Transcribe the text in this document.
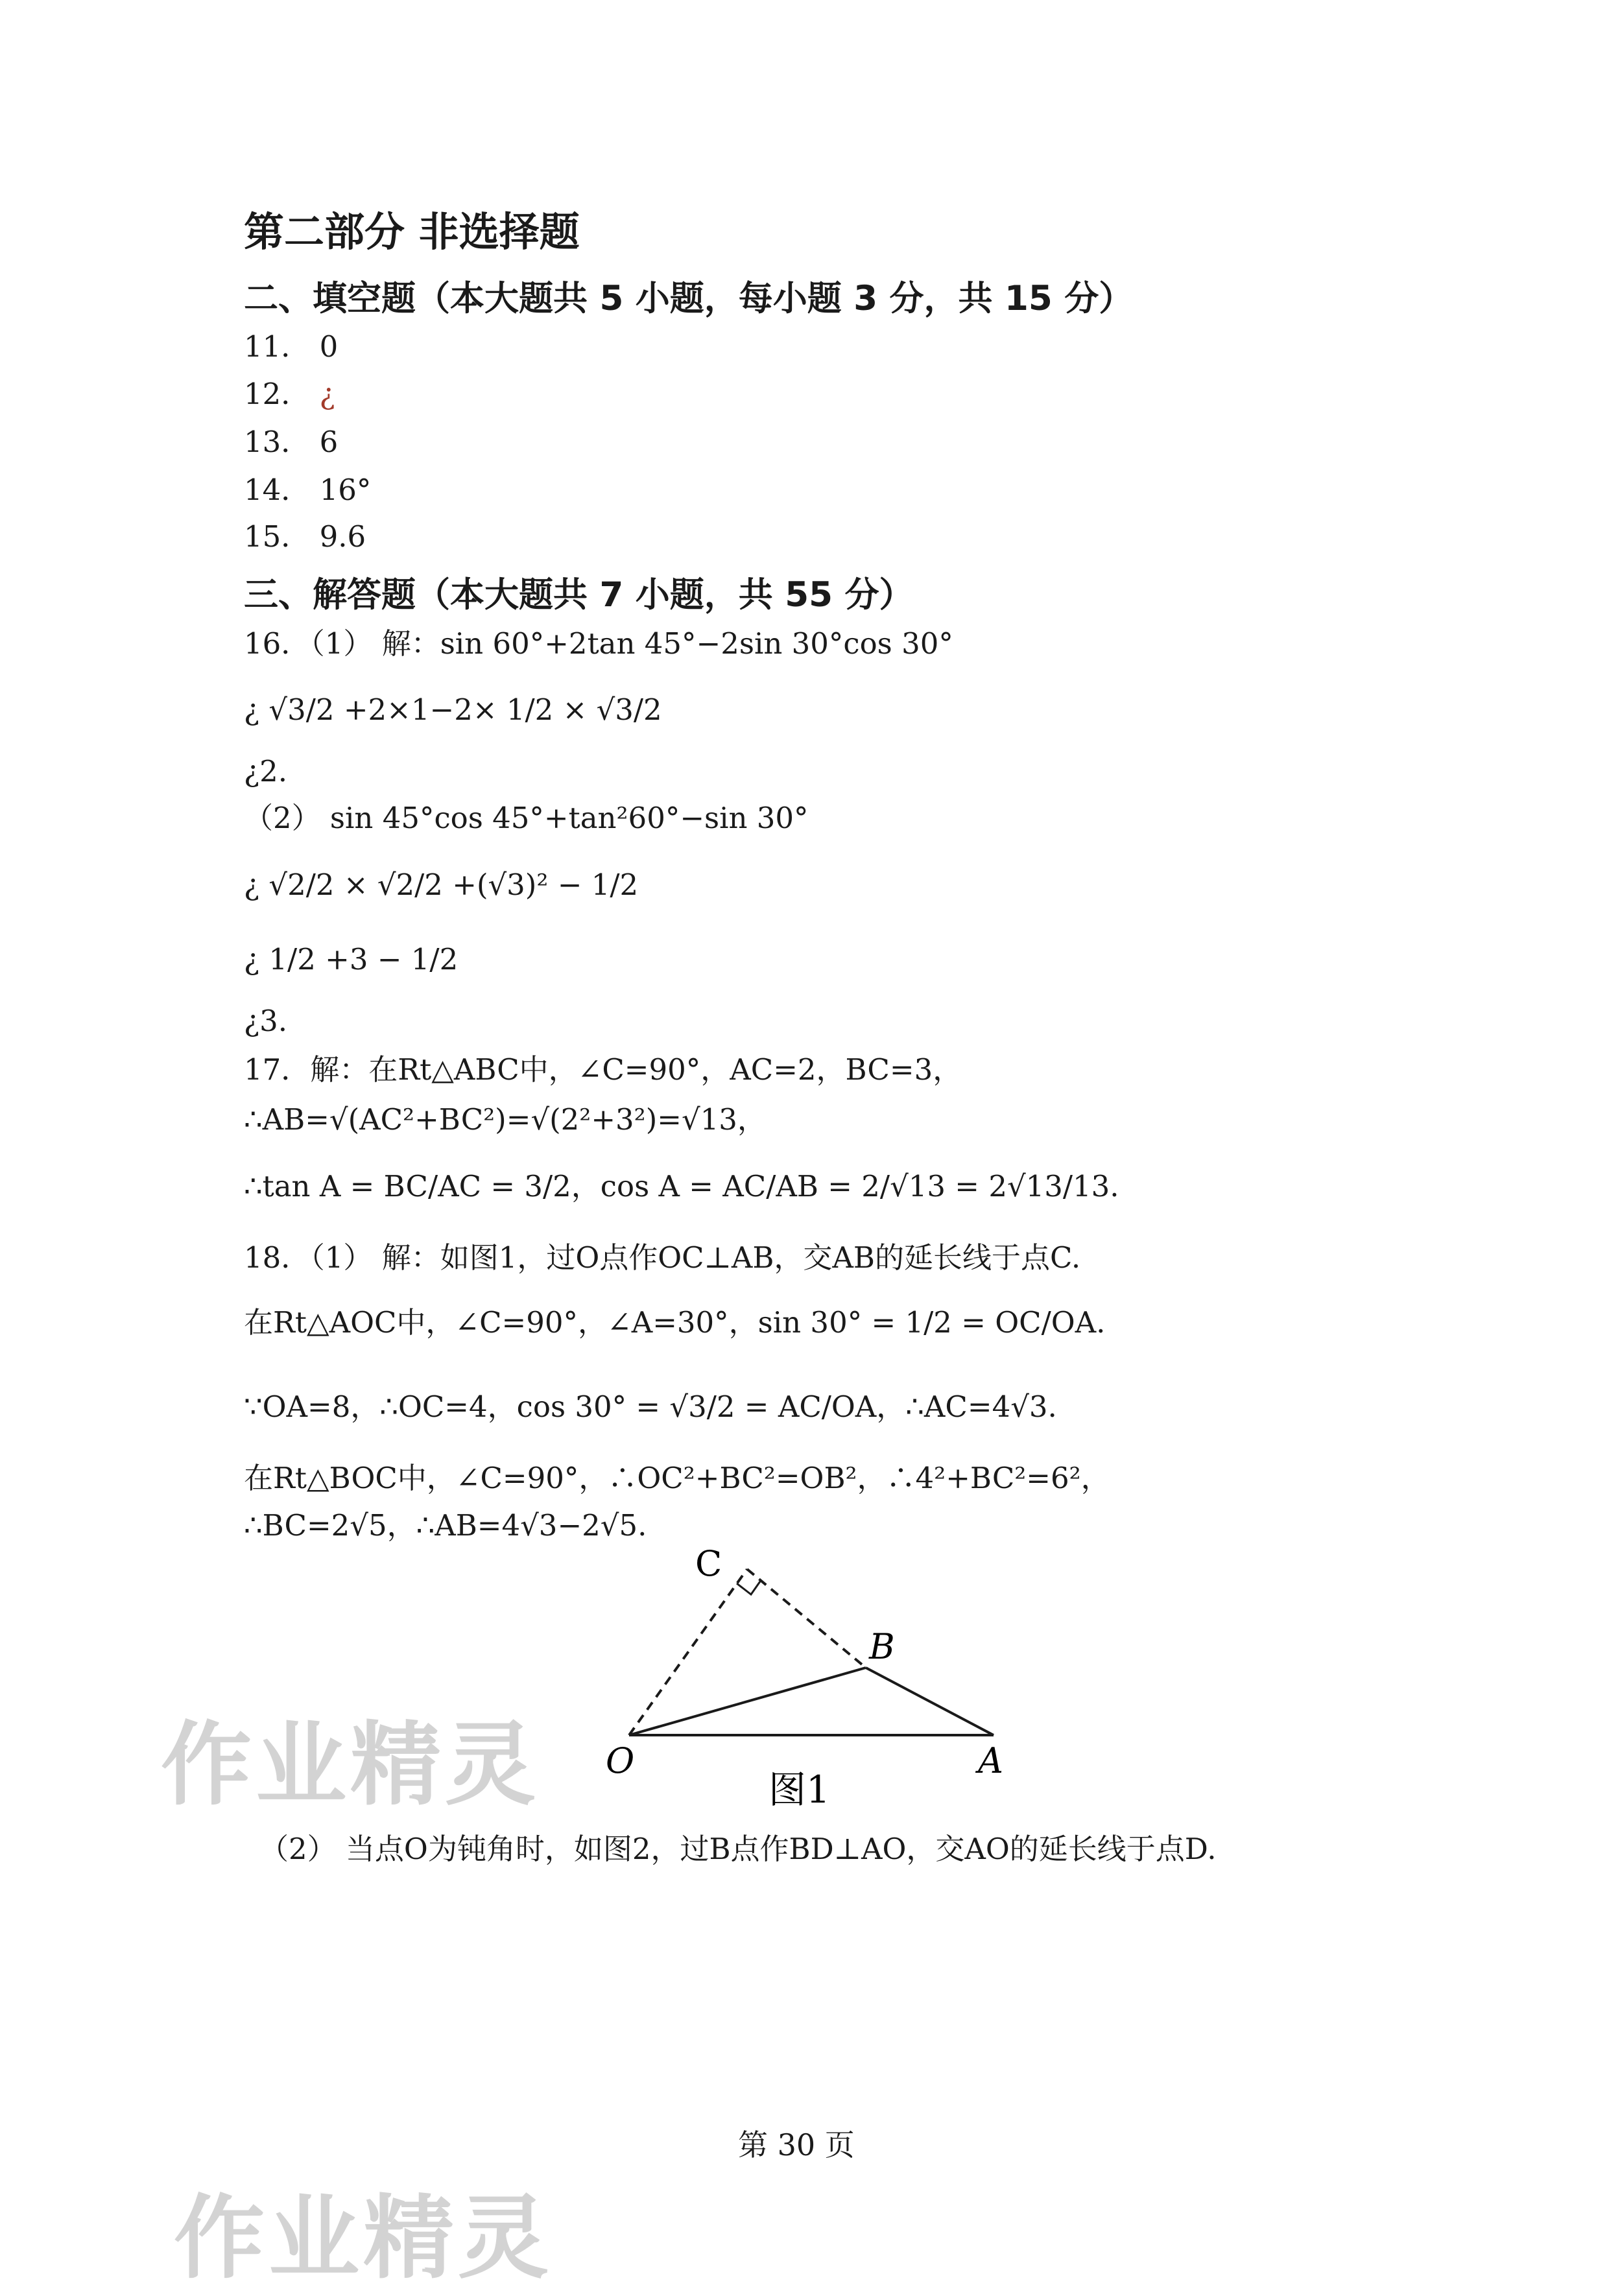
第二部分 非选择题
二、填空题（本大题共 5 小题，每小题 3 分，共 15 分）
11． 0
12． ¿
13． 6
14． 16°
15． 9.6
三、解答题（本大题共 7 小题，共 55 分）
16．（1） 解：sin 60°+2tan 45°−2sin 30°cos 30°
¿ √3/2 +2×1−2× 1/2 × √3/2
¿2.
（2） sin 45°cos 45°+tan²60°−sin 30°
¿ √2/2 × √2/2 +(√3)² − 1/2
¿ 1/2 +3 − 1/2
¿3.
17．解：在Rt△ABC中，∠C=90°，AC=2，BC=3，
∴AB=√(AC²+BC²)=√(2²+3²)=√13，
∴tan A = BC/AC = 3/2，cos A = AC/AB = 2/√13 = 2√13/13.
18．（1） 解：如图1，过O点作OC⊥AB，交AB的延长线于点C.
在Rt△AOC中，∠C=90°，∠A=30°，sin 30° = 1/2 = OC/OA.
∵OA=8，∴OC=4，cos 30° = √3/2 = AC/OA，∴AC=4√3.
在Rt△BOC中，∠C=90°，∴OC²+BC²=OB²，∴4²+BC²=6²，
∴BC=2√5，∴AB=4√3−2√5.
C
B
O	A
图1
作业精灵
（2） 当点O为钝角时，如图2，过B点作BD⊥AO，交AO的延长线于点D.
第 30 页
作业精灵
